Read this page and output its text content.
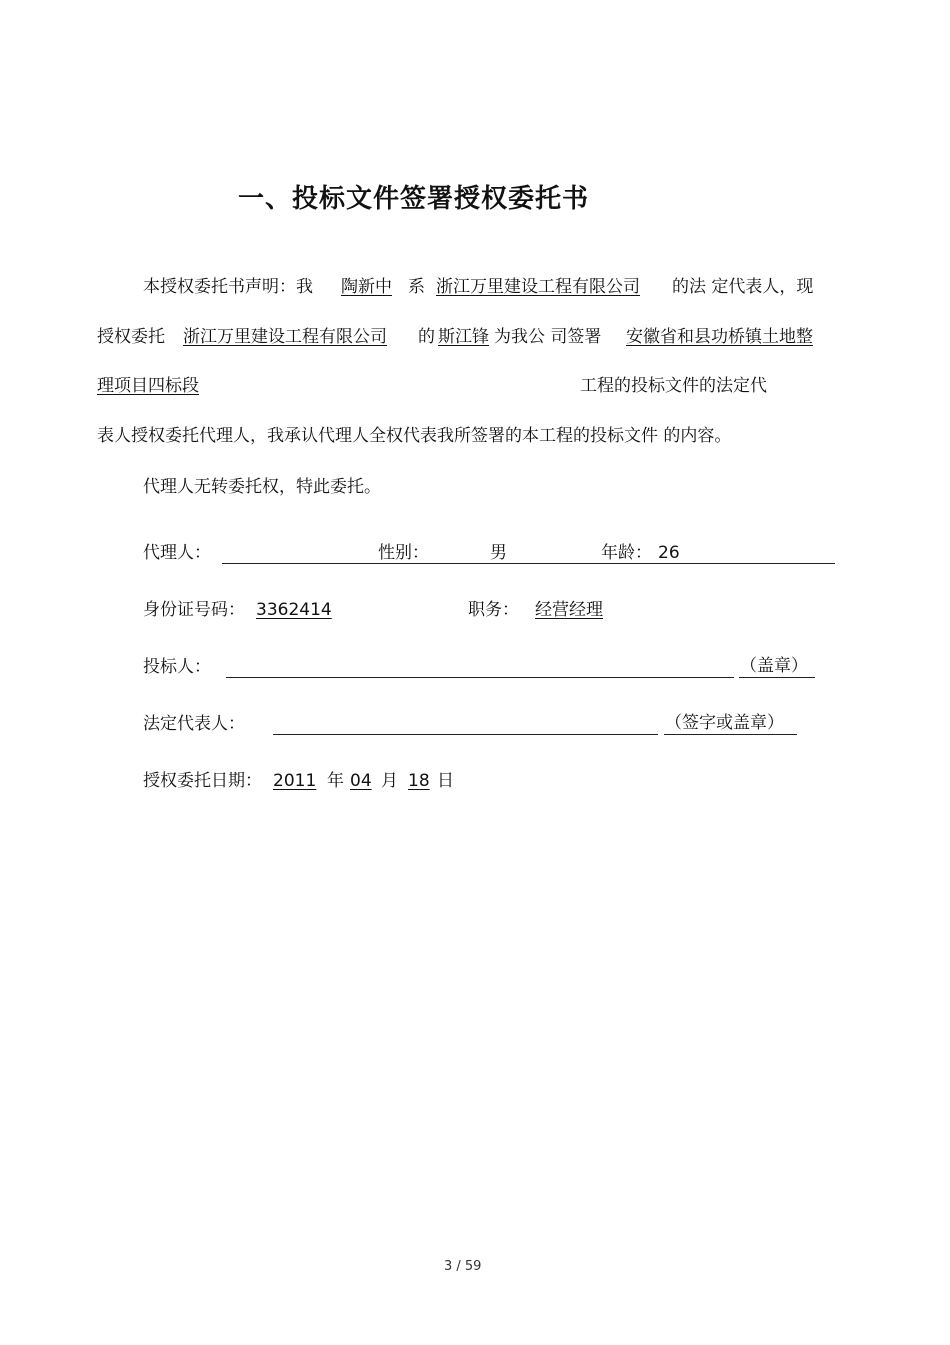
一、投标文件签署授权委托书
本授权委托书声明：我 陶新中 系 浙江万里建设工程有限公司 的法 定代表人，现
授权委托 浙江万里建设工程有限公司 的 斯江锋 为我公 司签署 安徽省和县功桥镇土地整
理项目四标段	工程的投标文件的法定代
表人授权委托代理人，我承认代理人全权代表我所签署的本工程的投标文件 的内容。
代理人无转委托权，特此委托。
代理人：	性别：	男	年龄： 26
身份证号码： 3362414	职务： 经营经理
投标人：	（盖章）
法定代表人：	（签字或盖章）
授权委托日期： 2011 年 04 月 18 日
3 / 59
